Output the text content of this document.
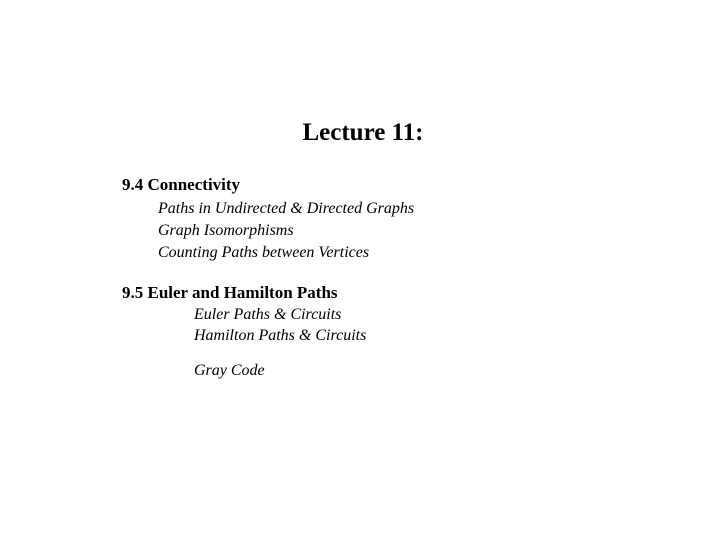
Lecture 11:
9.4 Connectivity
Paths in Undirected & Directed Graphs
Graph Isomorphisms
Counting Paths between Vertices
9.5 Euler and Hamilton Paths
Euler Paths & Circuits
Hamilton Paths & Circuits
Gray Code
